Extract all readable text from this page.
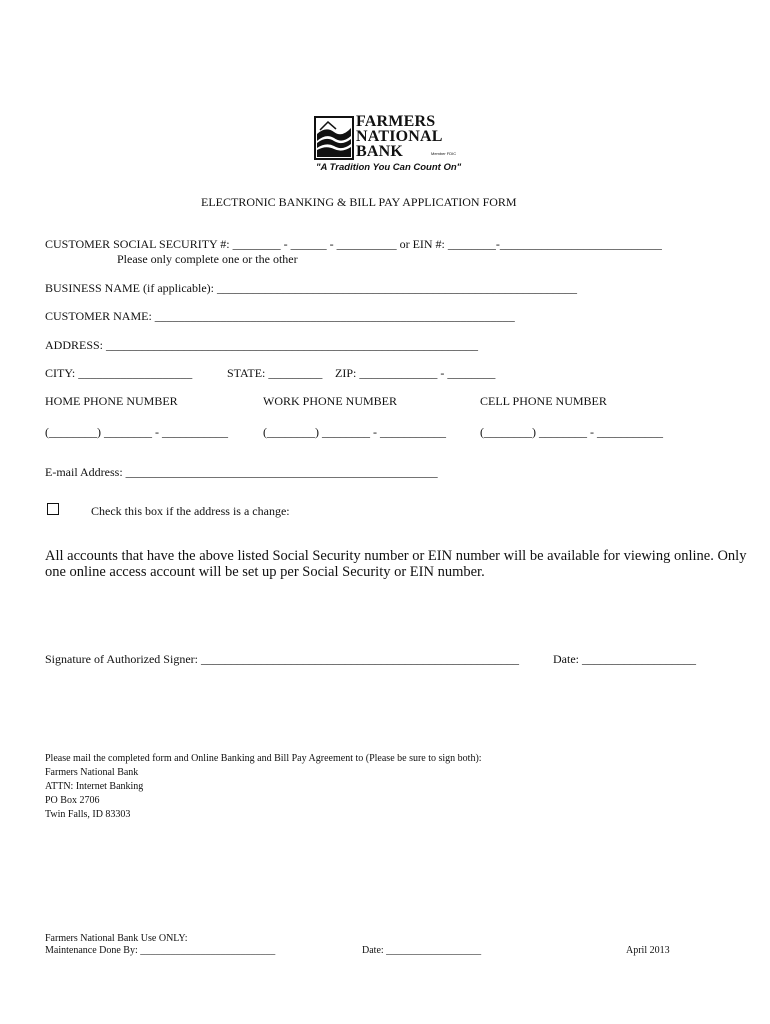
FARMERS
NATIONAL
BANK	Member FDIC
"A Tradition You Can Count On"
ELECTRONIC BANKING & BILL PAY APPLICATION FORM
CUSTOMER SOCIAL SECURITY #: ________ - ______ - __________ or EIN #: ________-___________________________
Please only complete one or the other
BUSINESS NAME (if applicable): ____________________________________________________________
CUSTOMER NAME: ____________________________________________________________
ADDRESS: ______________________________________________________________
CITY: ___________________	STATE: _________ ZIP: _____________ - ________
HOME PHONE NUMBER	WORK PHONE NUMBER	CELL PHONE NUMBER
(________) ________ - ___________	(________) ________ - ___________	(________) ________ - ___________
E-mail Address: ____________________________________________________
Check this box if the address is a change:
All accounts that have the above listed Social Security number or EIN number will be available for viewing online. Only
one online access account will be set up per Social Security or EIN number.
Signature of Authorized Signer: _____________________________________________________	Date: ___________________
Please mail the completed form and Online Banking and Bill Pay Agreement to (Please be sure to sign both):
Farmers National Bank
ATTN: Internet Banking
PO Box 2706
Twin Falls, ID 83303
Farmers National Bank Use ONLY:
Maintenance Done By: ___________________________	Date: ___________________	April 2013
